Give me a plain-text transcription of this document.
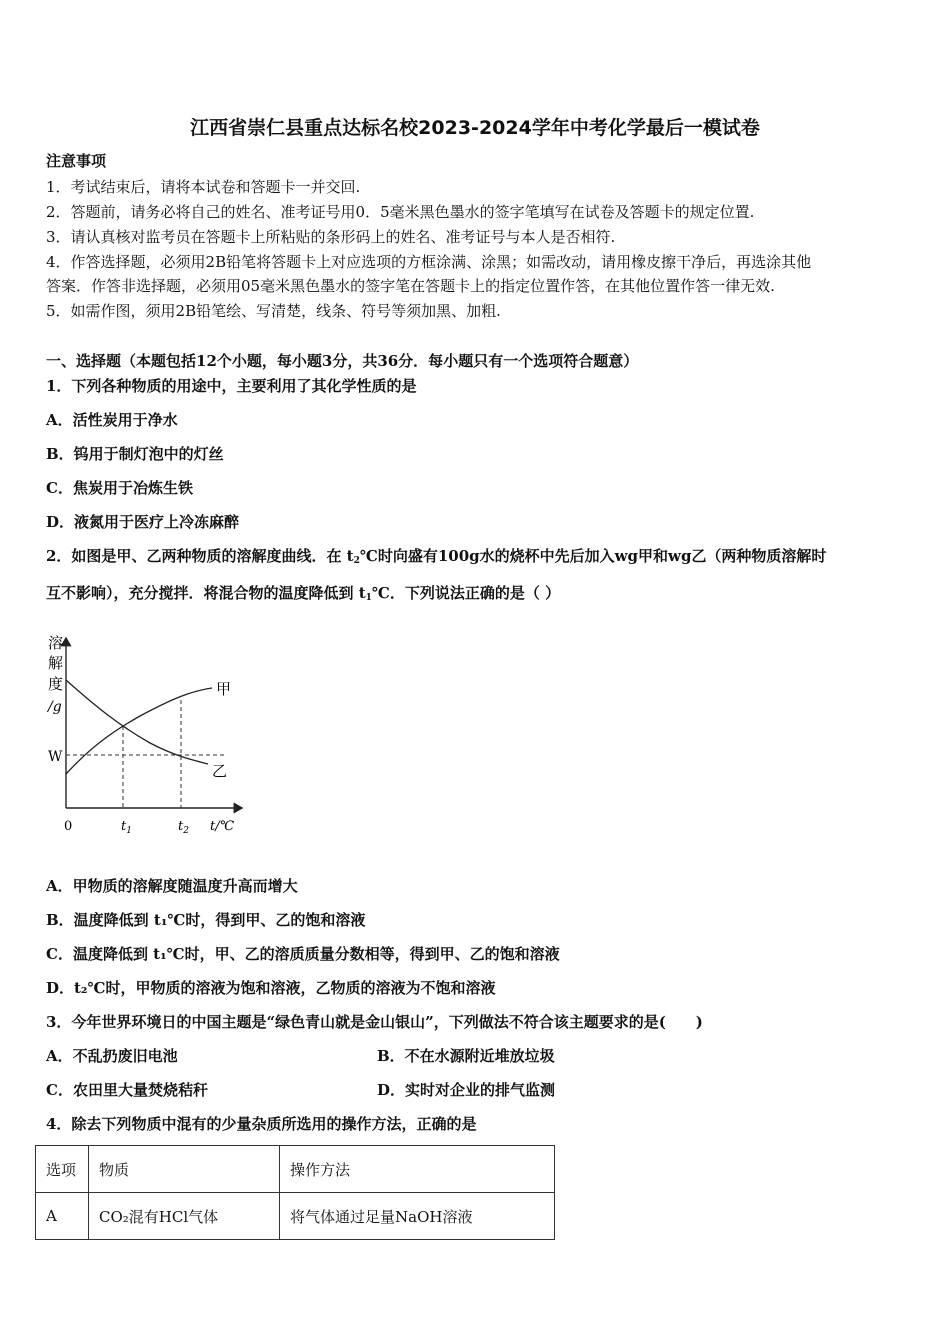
江西省崇仁县重点达标名校2023-2024学年中考化学最后一模试卷
注意事项
1．考试结束后，请将本试卷和答题卡一并交回.
2．答题前，请务必将自己的姓名、准考证号用0．5毫米黑色墨水的签字笔填写在试卷及答题卡的规定位置.
3．请认真核对监考员在答题卡上所粘贴的条形码上的姓名、准考证号与本人是否相符.
4．作答选择题，必须用2B铅笔将答题卡上对应选项的方框涂满、涂黑；如需改动，请用橡皮擦干净后，再选涂其他
答案．作答非选择题，必须用05毫米黑色墨水的签字笔在答题卡上的指定位置作答，在其他位置作答一律无效.
5．如需作图，须用2B铅笔绘、写清楚，线条、符号等须加黑、加粗.
一、选择题（本题包括12个小题，每小题3分，共36分．每小题只有一个选项符合题意）
1．下列各种物质的用途中，主要利用了其化学性质的是
A．活性炭用于净水
B．钨用于制灯泡中的灯丝
C．焦炭用于冶炼生铁
D．液氮用于医疗上冷冻麻醉
2．如图是甲、乙两种物质的溶解度曲线．在 $t_2℃$时向盛有100g水的烧杯中先后加入wg甲和wg乙（两种物质溶解时
互不影响），充分搅拌．将混合物的温度降低到 $t_1℃$．下列说法正确的是（ ）
溶
解
度
/g
W
0	$t_1$	$t_2$ t/℃
甲
乙
A．甲物质的溶解度随温度升高而增大
B．温度降低到 t₁℃时，得到甲、乙的饱和溶液
C．温度降低到 t₁℃时，甲、乙的溶质质量分数相等，得到甲、乙的饱和溶液
D．t₂℃时，甲物质的溶液为饱和溶液，乙物质的溶液为不饱和溶液
3．今年世界环境日的中国主题是“绿色青山就是金山银山”，下列做法不符合该主题要求的是(　　)
A．不乱扔废旧电池	B．不在水源附近堆放垃圾
C．农田里大量焚烧秸秆	D．实时对企业的排气监测
4．除去下列物质中混有的少量杂质所选用的操作方法，正确的是
选项	物质	操作方法
A	CO₂混有HCl气体	将气体通过足量NaOH溶液
